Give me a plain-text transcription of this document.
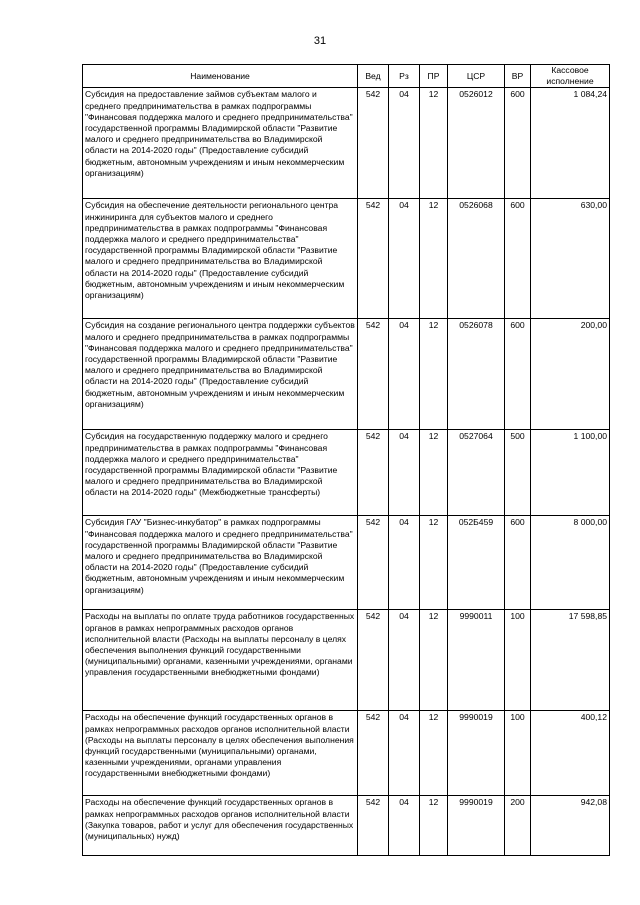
31
Наименование	Вед	Рз	ПР	ЦСР	ВР	Кассовое исполнение
Субсидия на предоставление займов субъектам малого и среднего предпринимательства в рамках подпрограммы "Финансовая поддержка малого и среднего предпринимательства" государственной программы Владимирской области "Развитие малого и среднего предпринимательства во Владимирской области на 2014-2020 годы" (Предоставление субсидий бюджетным, автономным учреждениям и иным некоммерческим организациям)	542	04	12	0526012	600	1 084,24
Субсидия на обеспечение деятельности регионального центра инжиниринга для субъектов малого и среднего предпринимательства в рамках подпрограммы "Финансовая поддержка малого и среднего предпринимательства" государственной программы Владимирской области "Развитие малого и среднего предпринимательства во Владимирской области на 2014-2020 годы" (Предоставление субсидий бюджетным, автономным учреждениям и иным некоммерческим организациям)	542	04	12	0526068	600	630,00
Субсидия на создание регионального центра поддержки субъектов малого и среднего предпринимательства в рамках подпрограммы "Финансовая поддержка малого и среднего предпринимательства" государственной программы Владимирской области "Развитие малого и среднего предпринимательства во Владимирской области на 2014-2020 годы" (Предоставление субсидий бюджетным, автономным учреждениям и иным некоммерческим организациям)	542	04	12	0526078	600	200,00
Субсидия на государственную поддержку малого и среднего предпринимательства в рамках подпрограммы "Финансовая поддержка малого и среднего предпринимательства" государственной программы Владимирской области "Развитие малого и среднего предпринимательства во Владимирской области на 2014-2020 годы" (Межбюджетные трансферты)	542	04	12	0527064	500	1 100,00
Субсидия ГАУ "Бизнес-инкубатор" в рамках подпрограммы "Финансовая поддержка малого и среднего предпринимательства" государственной программы Владимирской области "Развитие малого и среднего предпринимательства во Владимирской области на 2014-2020 годы" (Предоставление субсидий бюджетным, автономным учреждениям и иным некоммерческим организациям)	542	04	12	052Б459	600	8 000,00
Расходы на выплаты по оплате труда работников государственных органов в рамках непрограммных расходов органов исполнительной власти (Расходы на выплаты персоналу в целях обеспечения выполнения функций государственными (муниципальными) органами, казенными учреждениями, органами управления государственными внебюджетными фондами)	542	04	12	9990011	100	17 598,85
Расходы на обеспечение функций государственных органов в рамках непрограммных расходов органов исполнительной власти (Расходы на выплаты персоналу в целях обеспечения выполнения функций государственными (муниципальными) органами, казенными учреждениями, органами управления государственными внебюджетными фондами)	542	04	12	9990019	100	400,12
Расходы на обеспечение функций государственных органов в рамках непрограммных расходов органов исполнительной власти (Закупка товаров, работ и услуг для обеспечения государственных (муниципальных) нужд)	542	04	12	9990019	200	942,08
